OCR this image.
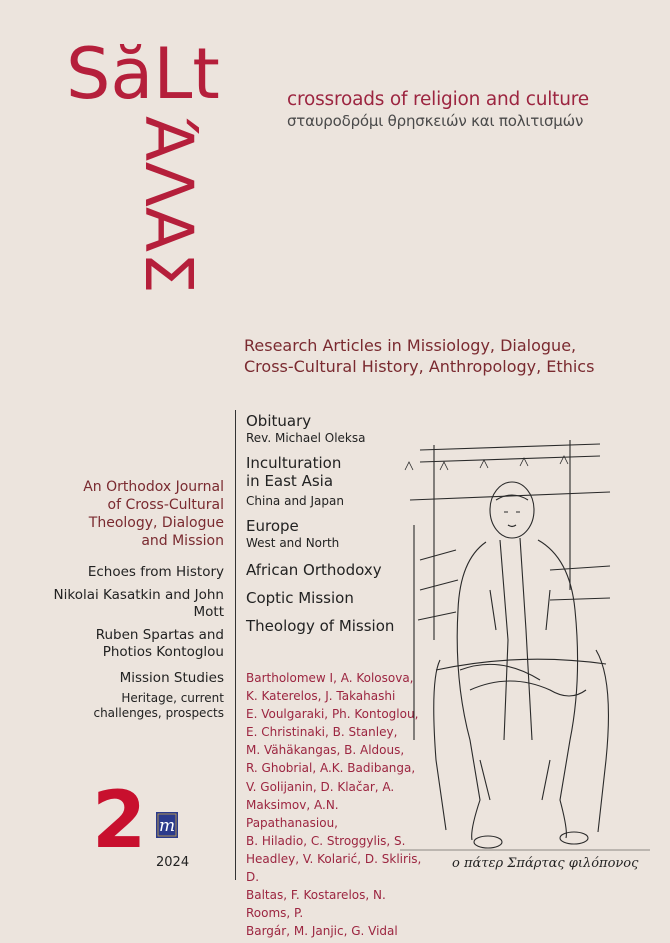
SăLt
ΆΛΑΣ
crossroads of religion and culture
σταυροδρόμι θρησκειών και πολιτισμών
Research Articles in Missiology, Dialogue,
Cross-Cultural History, Anthropology, Ethics
Obituary
Rev. Michael Oleksa
Inculturation
in East Asia
China and Japan
Europe
West and North
African Orthodoxy
Coptic Mission
Theology of Mission
An Orthodox Journal
of Cross-Cultural
Theology, Dialogue
and Mission
Echoes from History
Nikolai Kasatkin and John
Mott
Ruben Spartas and
Photios Kontoglou
Mission Studies
Heritage, current
challenges, prospects
Bartholomew I, A. Kolosova,
K. Katerelos, J. Takahashi
E. Voulgaraki, Ph. Kontoglou,
E. Christinaki, B. Stanley,
M. Vähäkangas, B. Aldous,
R. Ghobrial, A.K. Badibanga,
V. Golijanin, D. Klačar, A.
Maksimov, A.N. Papathanasiou,
B. Hiladio, C. Stroggylis, S.
Headley, V. Kolarić, D. Skliris, D.
Baltas, F. Kostarelos, N. Rooms, P.
Bargár, M. Janjic, G. Vidal
2 m
2024	ο πάτερ Σπάρτας φιλόπονος
